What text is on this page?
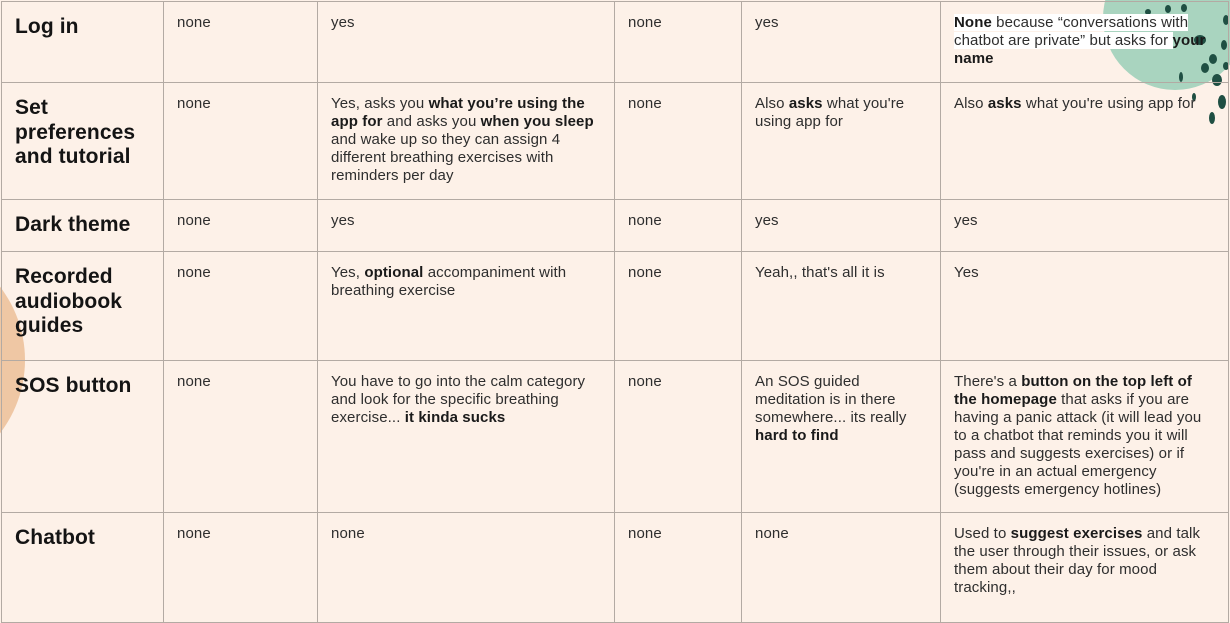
Log in	none	yes	none	yes	None because “conversations with chatbot are private” but asks for your name
Set preferences and tutorial	none	Yes, asks you what you’re using the app for and asks you when you sleep and wake up so they can assign 4 different breathing exercises with reminders per day	none	Also asks what you're using app for	Also asks what you're using app for
Dark theme	none	yes	none	yes	yes
Recorded audiobook guides	none	Yes, optional accompaniment with breathing exercise	none	Yeah,, that's all it is	Yes
SOS button	none	You have to go into the calm category and look for the specific breathing exercise... it kinda sucks	none	An SOS guided meditation is in there somewhere... its really hard to find	There's a button on the top left of the homepage that asks if you are having a panic attack (it will lead you to a chatbot that reminds you it will pass and suggests exercises) or if you're in an actual emergency (suggests emergency hotlines)
Chatbot	none	none	none	none	Used to suggest exercises and talk the user through their issues, or ask them about their day for mood tracking,,
